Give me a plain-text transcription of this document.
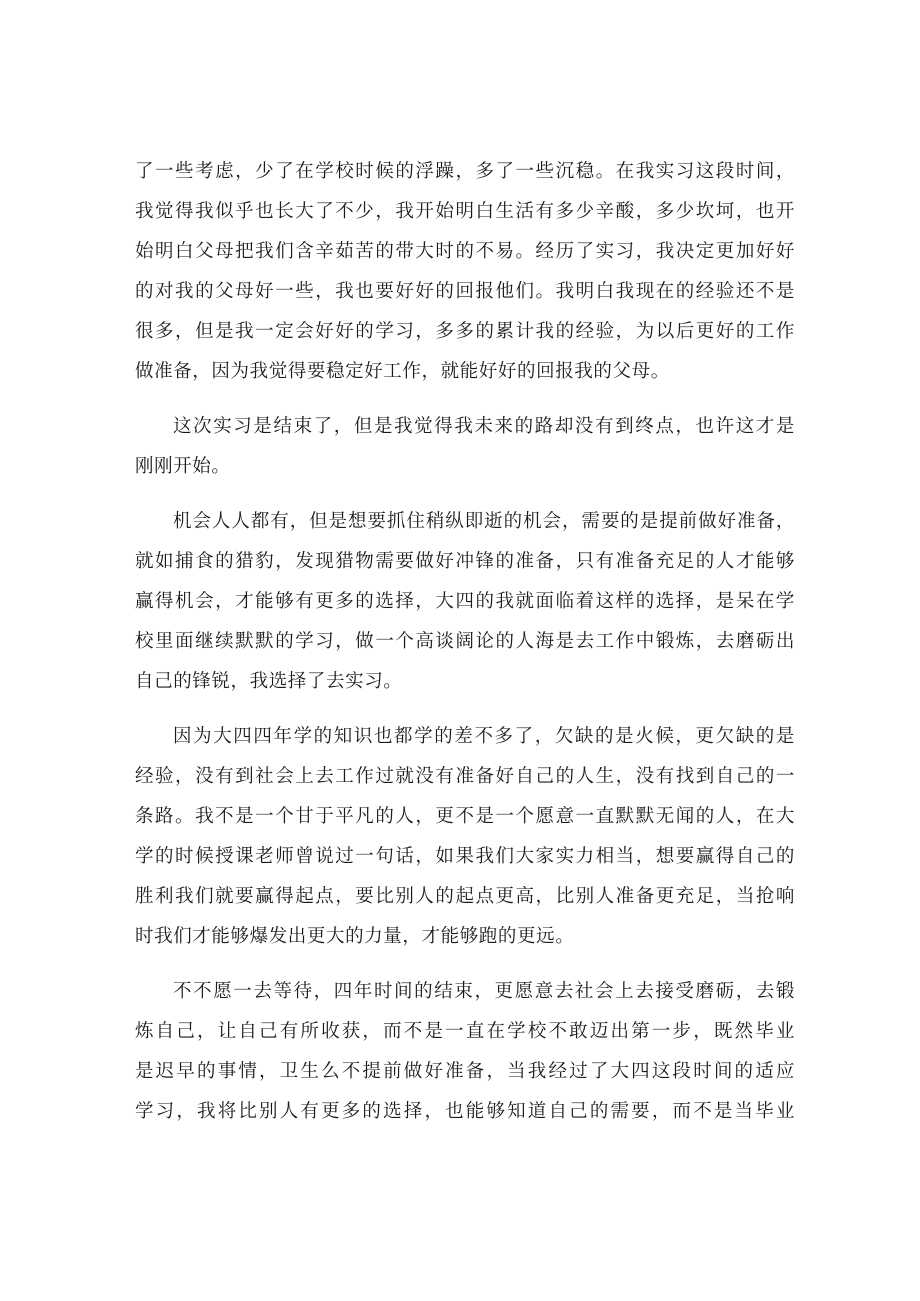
了一些考虑，少了在学校时候的浮躁，多了一些沉稳。在我实习这段时间，
我觉得我似乎也长大了不少，我开始明白生活有多少辛酸，多少坎坷，也开
始明白父母把我们含辛茹苦的带大时的不易。经历了实习，我决定更加好好
的对我的父母好一些，我也要好好的回报他们。我明白我现在的经验还不是
很多，但是我一定会好好的学习，多多的累计我的经验，为以后更好的工作
做准备，因为我觉得要稳定好工作，就能好好的回报我的父母。

这次实习是结束了，但是我觉得我未来的路却没有到终点，也许这才是
刚刚开始。

机会人人都有，但是想要抓住稍纵即逝的机会，需要的是提前做好准备，
就如捕食的猎豹，发现猎物需要做好冲锋的准备，只有准备充足的人才能够
赢得机会，才能够有更多的选择，大四的我就面临着这样的选择，是呆在学
校里面继续默默的学习，做一个高谈阔论的人海是去工作中锻炼，去磨砺出
自己的锋锐，我选择了去实习。

因为大四四年学的知识也都学的差不多了，欠缺的是火候，更欠缺的是
经验，没有到社会上去工作过就没有准备好自己的人生，没有找到自己的一
条路。我不是一个甘于平凡的人，更不是一个愿意一直默默无闻的人，在大
学的时候授课老师曾说过一句话，如果我们大家实力相当，想要赢得自己的
胜利我们就要赢得起点，要比别人的起点更高，比别人准备更充足，当抢响
时我们才能够爆发出更大的力量，才能够跑的更远。

不不愿一去等待，四年时间的结束，更愿意去社会上去接受磨砺，去锻
炼自己，让自己有所收获，而不是一直在学校不敢迈出第一步，既然毕业
是迟早的事情，卫生么不提前做好准备，当我经过了大四这段时间的适应
学习，我将比别人有更多的选择，也能够知道自己的需要，而不是当毕业
